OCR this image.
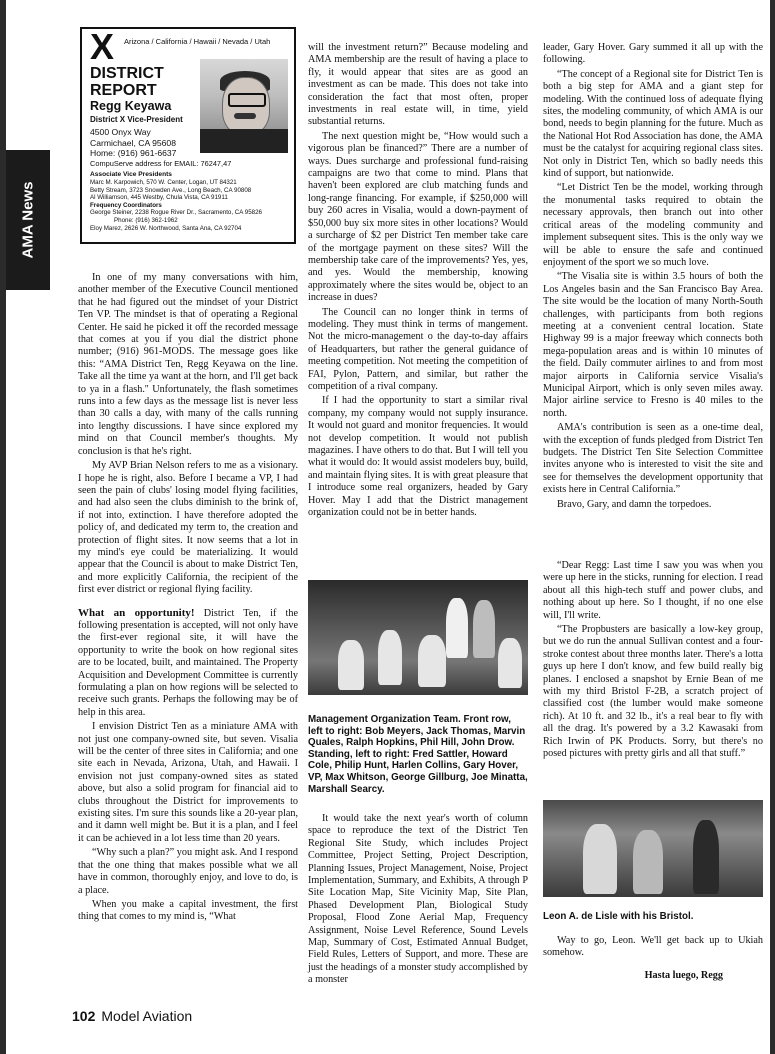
AMA News
X Arizona / California / Hawaii / Nevada / Utah
DISTRICT REPORT
Regg Keyawa
District X Vice-President
4500 Onyx Way
Carmichael, CA 95608
Home: (916) 961-6637
CompuServe address for EMAIL: 76247,47
Associate Vice Presidents
Marc M. Karpowich, 570 W. Center, Logan, UT 84321
Betty Stream, 3723 Snowden Ave., Long Beach, CA 90808
Al Williamson, 445 Westby, Chula Vista, CA 91911
Frequency Coordinators
George Steiner, 2238 Rogue River Dr., Sacramento, CA 95826
Phone: (916) 362-1962
Eloy Marez, 2626 W. Northwood, Santa Ana, CA 92704

In one of my many conversations with him, another member of the Executive Council mentioned that he had figured out the mindset of your District Ten VP. The mindset is that of operating a Regional Center. He said he picked it off the recorded message that comes at you if you dial the district phone number; (916) 961-MODS. The message goes like this: “AMA District Ten, Regg Keyawa on the line. Take all the time ya want at the horn, and I'll get back to ya in a flash.'' Unfortunately, the flash sometimes runs into a few days as the message list is never less than 30 calls a day, with many of the calls running into lengthy discussions. I have since explored my mind on that Council member's thoughts. My conclusion is that he's right.

My AVP Brian Nelson refers to me as a visionary. I hope he is right, also. Before I became a VP, I had seen the pain of clubs' losing model flying facilities, and had also seen the clubs diminish to the brink of, if not into, extinction. I have therefore adopted the policy of, and dedicated my term to, the creation and protection of flight sites. It now seems that a lot in my mind's eye could be materializing. It would appear that the Council is about to make District Ten, and more explicitly California, the recipient of the first ever district or regional flying facility.

What an opportunity! District Ten, if the following presentation is accepted, will not only have the first-ever regional site, it will have the opportunity to write the book on how regional sites are to be located, built, and maintained. The Property Acquisition and Development Committee is currently formulating a plan on how regions will be selected to receive such grants. Perhaps the following may be of help in this area.

I envision District Ten as a miniature AMA with not just one company-owned site, but seven. Visalia will be the center of three sites in California; and one site each in Nevada, Arizona, Utah, and Hawaii. I envision not just company-owned sites as stated above, but also a solid program for financial aid to clubs throughout the District for improvements to existing sites. I'm sure this sounds like a 20-year plan, and it damn well might be. But it is a plan, and I feel it can be achieved in a lot less time than 20 years.

“Why such a plan?” you might ask. And I respond that the one thing that makes possible what we all have in common, thoroughly enjoy, and love to do, is a place.

When you make a capital investment, the first thing that comes to my mind is, “What

will the investment return?” Because modeling and AMA membership are the result of having a place to fly, it would appear that sites are as good an investment as can be made. This does not take into consideration the fact that most often, proper investments in real estate will, in time, yield substantial returns.

The next question might be, “How would such a vigorous plan be financed?” There are a number of ways. Dues surcharge and professional fund-raising campaigns are two that come to mind. Plans that haven't been explored are club matching funds and long-range financing. For example, if $250,000 will buy 260 acres in Visalia, would a down-payment of $50,000 buy six more sites in other locations? Would a surcharge of $2 per District Ten member take care of the mortgage payment on these sites? Will the membership take care of the improvements? Yes, yes, and yes. Would the membership, knowing approximately where the sites would be, object to an increase in dues?

The Council can no longer think in terms of modeling. They must think in terms of mangement. Not the micro-management o the day-to-day affairs of Headquarters, but rather the general guidance of meeting competition. Not meeting the competition of FAI, Pylon, Pattern, and similar, but rather the competition of a rival company.

If I had the opportunity to start a similar rival company, my company would not supply insurance. It would not guard and monitor frequencies. It would not develop competition. It would not publish magazines. I have others to do that. But I will tell you what it would do: It would assist modelers buy, build, and maintain flying sites. It is with great pleasure that I introduce some real organizers, headed by Gary Hover. May I add that the District management organization could not be in better hands.

Management Organization Team. Front row, left to right: Bob Meyers, Jack Thomas, Marvin Quales, Ralph Hopkins, Phil Hill, John Drow. Standing, left to right: Fred Sattler, Howard Cole, Philip Hunt, Harlen Collins, Gary Hover, VP, Max Whitson, George Gillburg, Joe Minatta, Marshall Searcy.

It would take the next year's worth of column space to reproduce the text of the District Ten Regional Site Study, which includes Project Committee, Project Setting, Project Description, Planning Issues, Project Management, Noise, Project Implementation, Summary, and Exhibits, A through P Site Location Map, Site Vicinity Map, Site Plan, Phased Development Plan, Biological Study Proposal, Flood Zone Aerial Map, Frequency Assignment, Noise Level Reference, Sound Levels Map, Summary of Cost, Estimated Annual Budget, Field Rules, Letters of Support, and more. These are just the headings of a monster study accomplished by a monster

leader, Gary Hover. Gary summed it all up with the following.

“The concept of a Regional site for District Ten is both a big step for AMA and a giant step for modeling. With the continued loss of adequate flying sites, the modeling community, of which AMA is our bond, needs to begin planning for the future. Much as the National Hot Rod Association has done, the AMA must be the catalyst for acquiring regional class sites. Not only in District Ten, which so badly needs this kind of support, but nationwide.

“Let District Ten be the model, working through the monumental tasks required to obtain the necessary approvals, then branch out into other critical areas of the modeling community and implement subsequent sites. This is the only way we will be able to ensure the safe and continued enjoyment of the sport we so much love.

“The Visalia site is within 3.5 hours of both the Los Angeles basin and the San Francisco Bay Area. The site would be the location of many North-South challenges, with participants from both regions meeting at a convenient central location. State Highway 99 is a major freeway which connects both mega-population areas and is within 10 minutes of the field. Daily commuter airlines to and from most major airports in California service Visalia's Municipal Airport, which is only seven miles away. Major airline service to Fresno is 40 miles to the north.

AMA's contribution is seen as a one-time deal, with the exception of funds pledged from District Ten budgets. The District Ten Site Selection Committee invites anyone who is interested to visit the site and see for themselves the development opportunity that exists here in Central California.”

Bravo, Gary, and damn the torpedoes.

“Dear Regg: Last time I saw you was when you were up here in the sticks, running for election. I read about all this high-tech stuff and power clubs, and nothing about up here. So I thought, if no one else will, I'll write.

“The Propbusters are basically a low-key group, but we do run the annual Sullivan contest and a four-stroke contest about three months later. There's a lotta guys up here I don't know, and few build really big planes. I enclosed a snapshot by Ernie Bean of me with my third Bristol F-2B, a scratch project of classified cost (the lumber would make someone rich). At 10 ft. and 32 lb., it's a real bear to fly with all the drag. It's powered by a 3.2 Kawasaki from Rich Irwin of PK Products. Sorry, but there's no posed pictures with pretty girls and all that stuff.”

Leon A. de Lisle with his Bristol.

Way to go, Leon. We'll get back up to Ukiah somehow.

Hasta luego, Regg

102 Model Aviation
